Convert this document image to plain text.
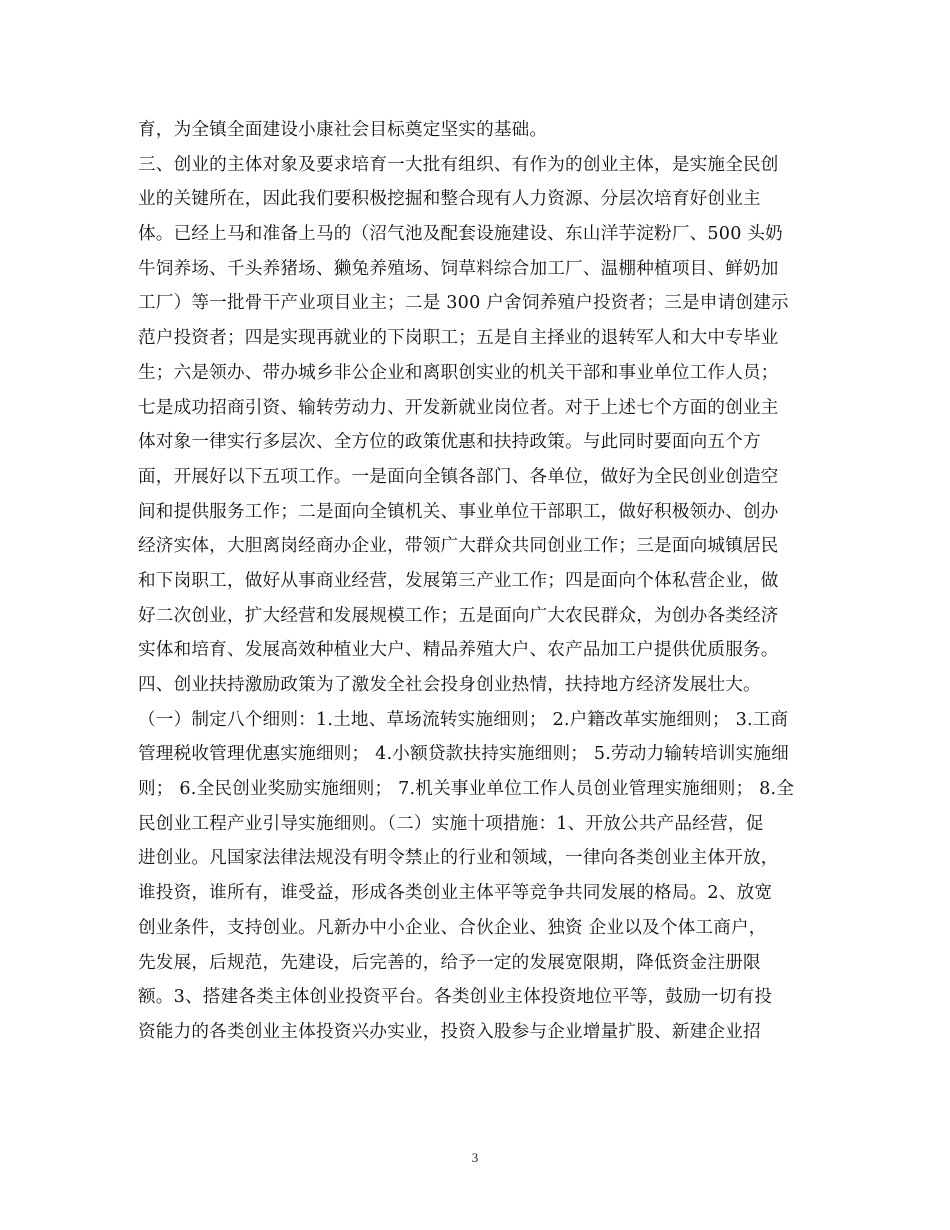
育，为全镇全面建设小康社会目标奠定坚实的基础。
三、创业的主体对象及要求培育一大批有组织、有作为的创业主体，是实施全民创
业的关键所在，因此我们要积极挖掘和整合现有人力资源、分层次培育好创业主
体。已经上马和准备上马的（沼气池及配套设施建设、东山洋芋淀粉厂、500 头奶
牛饲养场、千头养猪场、獭兔养殖场、饲草料综合加工厂、温棚种植项目、鲜奶加
工厂）等一批骨干产业项目业主；二是 300 户舍饲养殖户投资者；三是申请创建示
范户投资者；四是实现再就业的下岗职工；五是自主择业的退转军人和大中专毕业
生；六是领办、带办城乡非公企业和离职创实业的机关干部和事业单位工作人员；
七是成功招商引资、输转劳动力、开发新就业岗位者。对于上述七个方面的创业主
体对象一律实行多层次、全方位的政策优惠和扶持政策。与此同时要面向五个方
面，开展好以下五项工作。一是面向全镇各部门、各单位，做好为全民创业创造空
间和提供服务工作；二是面向全镇机关、事业单位干部职工，做好积极领办、创办
经济实体，大胆离岗经商办企业，带领广大群众共同创业工作；三是面向城镇居民
和下岗职工，做好从事商业经营，发展第三产业工作；四是面向个体私营企业，做
好二次创业，扩大经营和发展规模工作；五是面向广大农民群众，为创办各类经济
实体和培育、发展高效种植业大户、精品养殖大户、农产品加工户提供优质服务。
四、创业扶持激励政策为了激发全社会投身创业热情，扶持地方经济发展壮大。
（一）制定八个细则：1.土地、草场流转实施细则； 2.户籍改革实施细则； 3.工商
管理税收管理优惠实施细则； 4.小额贷款扶持实施细则； 5.劳动力输转培训实施细
则； 6.全民创业奖励实施细则； 7.机关事业单位工作人员创业管理实施细则； 8.全
民创业工程产业引导实施细则。（二）实施十项措施：1、开放公共产品经营，促
进创业。凡国家法律法规没有明令禁止的行业和领域，一律向各类创业主体开放，
谁投资，谁所有，谁受益，形成各类创业主体平等竞争共同发展的格局。2、放宽
创业条件，支持创业。凡新办中小企业、合伙企业、独资 企业以及个体工商户，
先发展，后规范，先建设，后完善的，给予一定的发展宽限期，降低资金注册限
额。3、搭建各类主体创业投资平台。各类创业主体投资地位平等，鼓励一切有投
资能力的各类创业主体投资兴办实业，投资入股参与企业增量扩股、新建企业招
3
